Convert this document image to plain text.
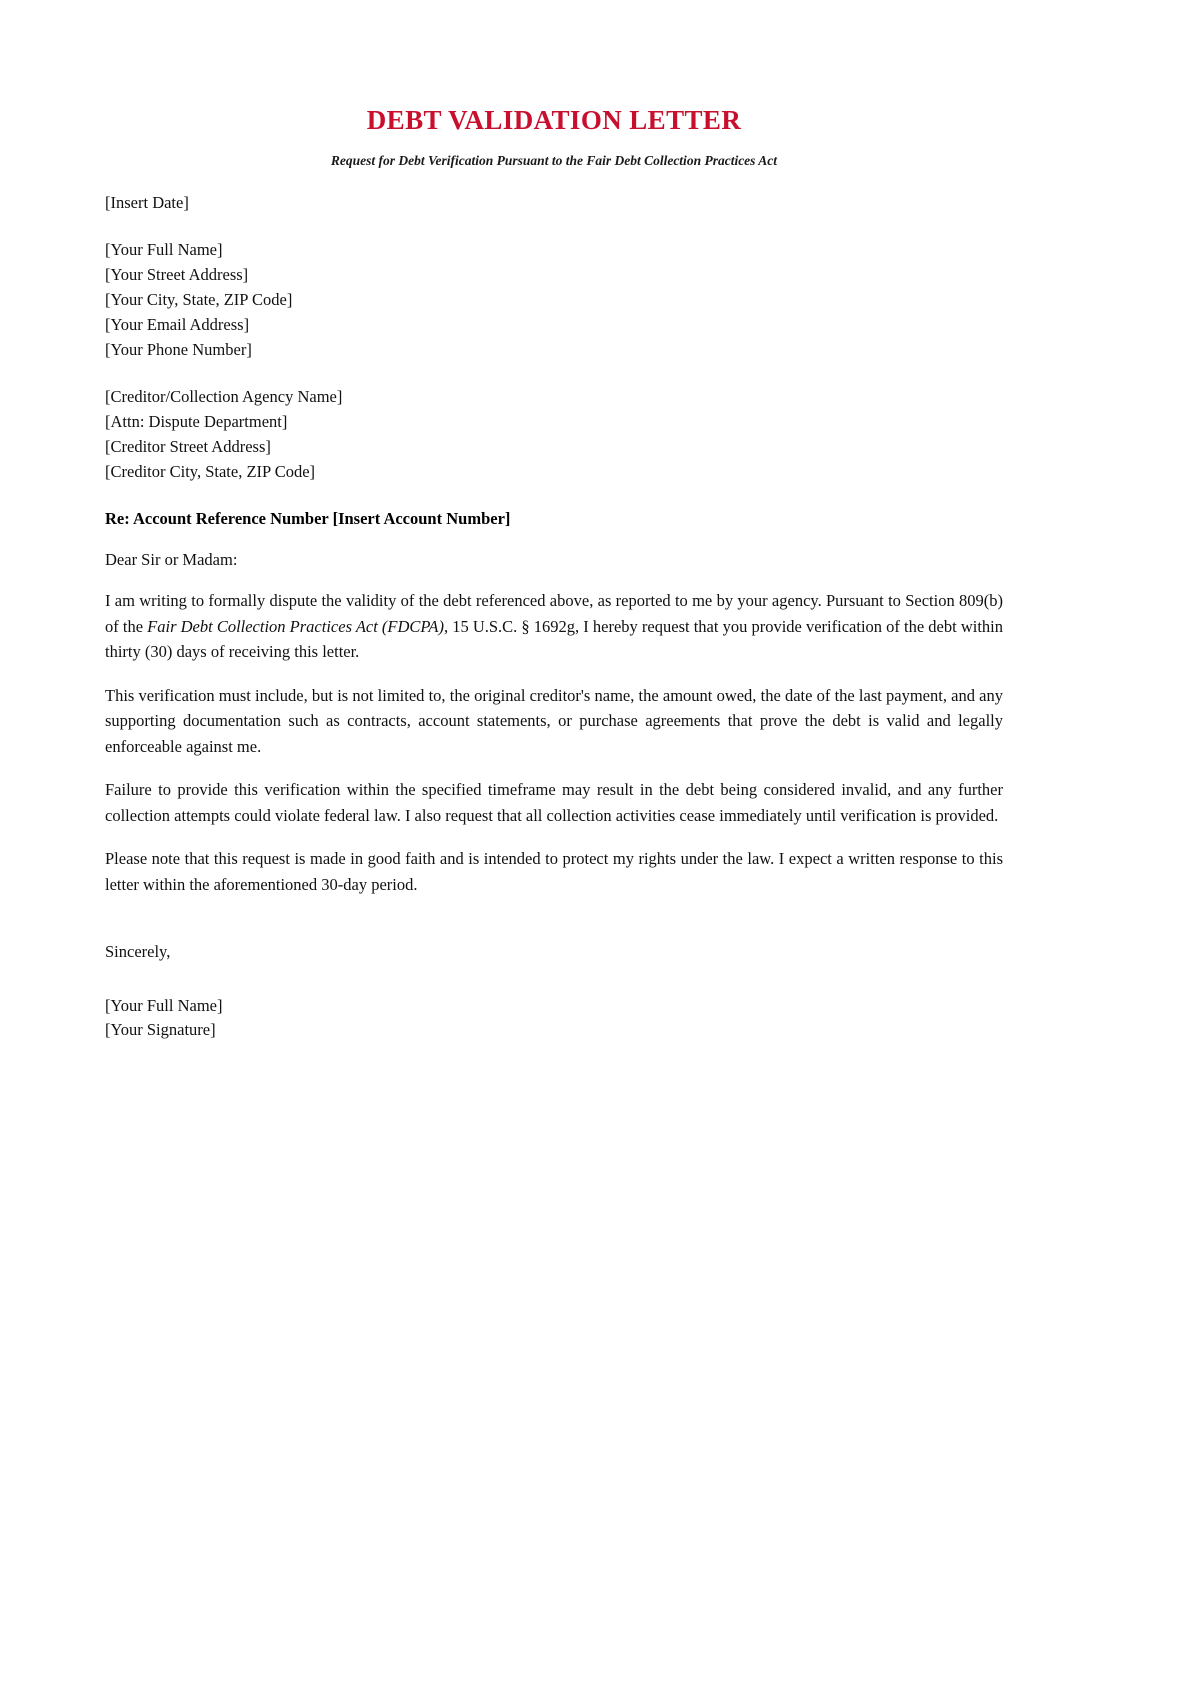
DEBT VALIDATION LETTER
Request for Debt Verification Pursuant to the Fair Debt Collection Practices Act
[Insert Date]
[Your Full Name]
[Your Street Address]
[Your City, State, ZIP Code]
[Your Email Address]
[Your Phone Number]
[Creditor/Collection Agency Name]
[Attn: Dispute Department]
[Creditor Street Address]
[Creditor City, State, ZIP Code]
Re: Account Reference Number [Insert Account Number]
Dear Sir or Madam:

I am writing to formally dispute the validity of the debt referenced above, as reported to me by your agency. Pursuant to Section 809(b) of the Fair Debt Collection Practices Act (FDCPA), 15 U.S.C. § 1692g, I hereby request that you provide verification of the debt within thirty (30) days of receiving this letter.

This verification must include, but is not limited to, the original creditor's name, the amount owed, the date of the last payment, and any supporting documentation such as contracts, account statements, or purchase agreements that prove the debt is valid and legally enforceable against me.

Failure to provide this verification within the specified timeframe may result in the debt being considered invalid, and any further collection attempts could violate federal law. I also request that all collection activities cease immediately until verification is provided.

Please note that this request is made in good faith and is intended to protect my rights under the law. I expect a written response to this letter within the aforementioned 30-day period.

Sincerely,
[Your Full Name]
[Your Signature]
